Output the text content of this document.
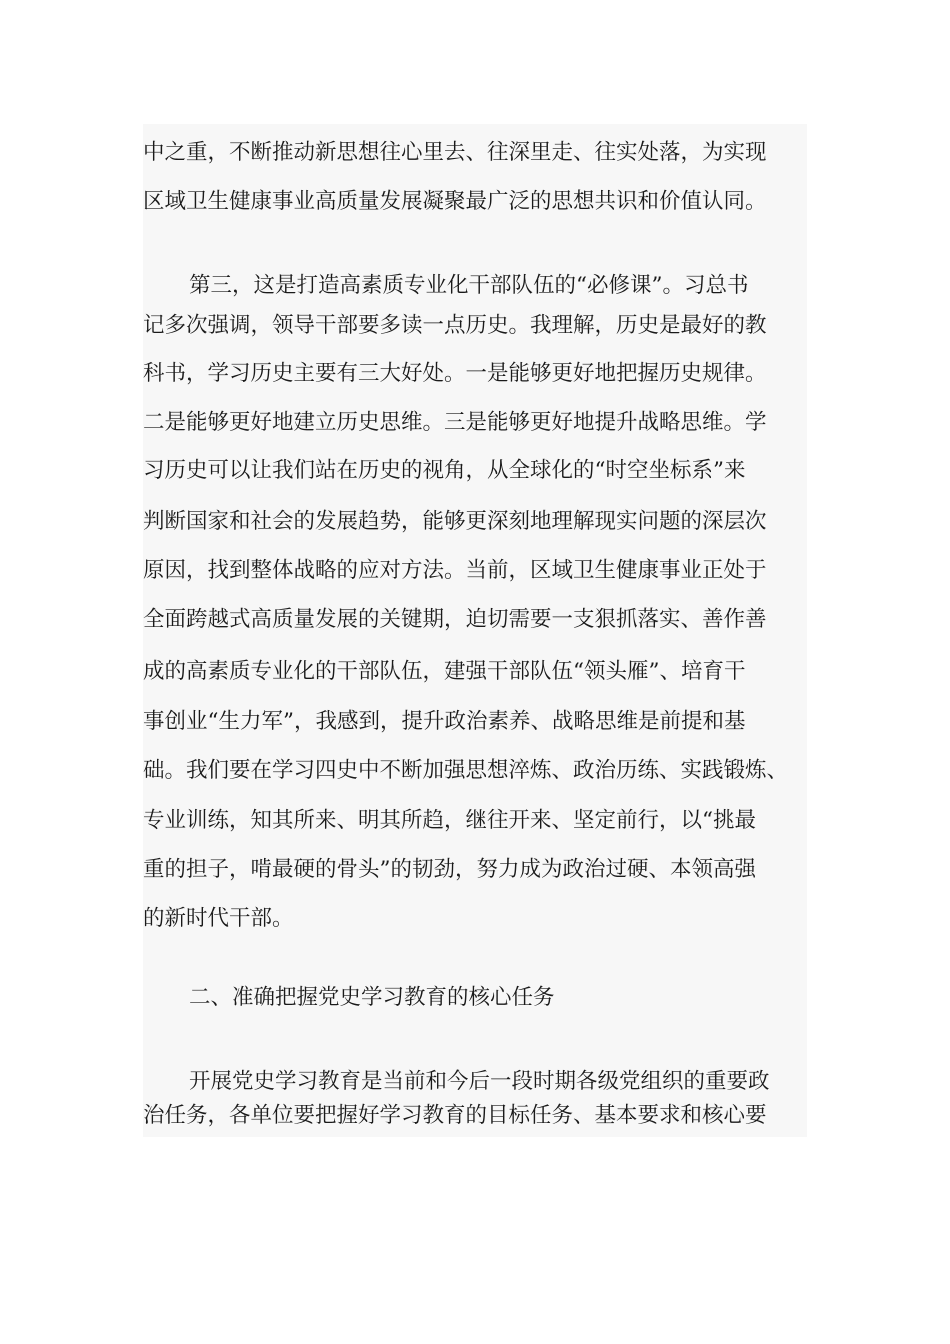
中之重，不断推动新思想往心里去、往深里走、往实处落，为实现
区域卫生健康事业高质量发展凝聚最广泛的思想共识和价值认同。
第三，这是打造高素质专业化干部队伍的“必修课”。习总书
记多次强调，领导干部要多读一点历史。我理解，历史是最好的教
科书，学习历史主要有三大好处。一是能够更好地把握历史规律。
二是能够更好地建立历史思维。三是能够更好地提升战略思维。学
习历史可以让我们站在历史的视角，从全球化的“时空坐标系”来
判断国家和社会的发展趋势，能够更深刻地理解现实问题的深层次
原因，找到整体战略的应对方法。当前，区域卫生健康事业正处于
全面跨越式高质量发展的关键期，迫切需要一支狠抓落实、善作善
成的高素质专业化的干部队伍，建强干部队伍“领头雁”、培育干
事创业“生力军”，我感到，提升政治素养、战略思维是前提和基
础。我们要在学习四史中不断加强思想淬炼、政治历练、实践锻炼、
专业训练，知其所来、明其所趋，继往开来、坚定前行，以“挑最
重的担子，啃最硬的骨头”的韧劲，努力成为政治过硬、本领高强
的新时代干部。
二、准确把握党史学习教育的核心任务
开展党史学习教育是当前和今后一段时期各级党组织的重要政
治任务，各单位要把握好学习教育的目标任务、基本要求和核心要
